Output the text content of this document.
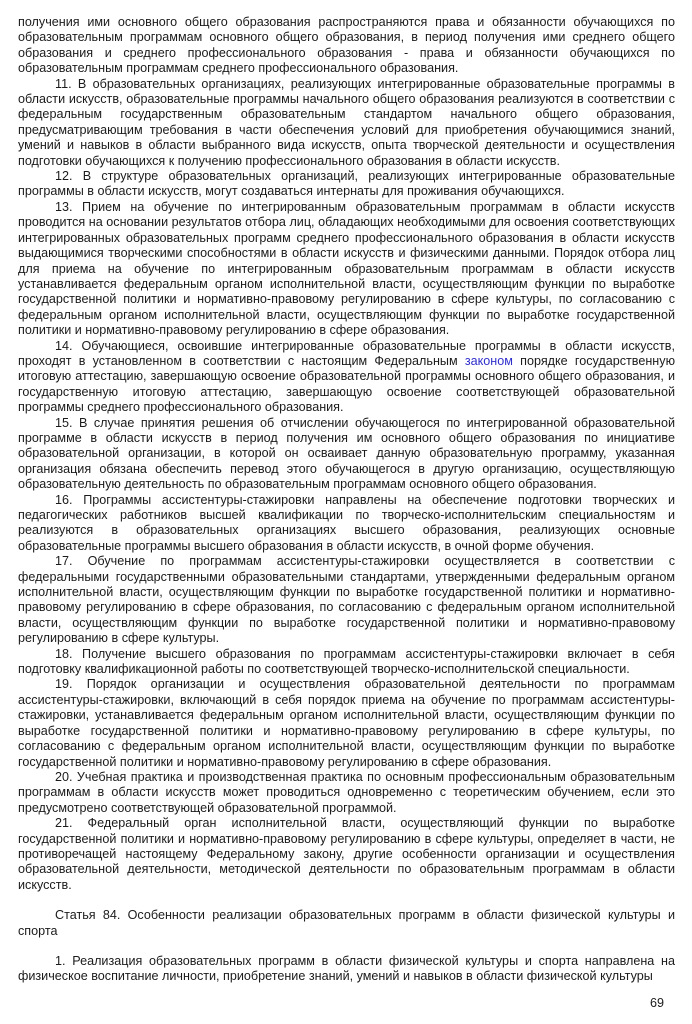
получения ими основного общего образования распространяются права и обязанности обучающихся по образовательным программам основного общего образования, в период получения ими среднего общего образования и среднего профессионального образования - права и обязанности обучающихся по образовательным программам среднего профессионального образования.

11. В образовательных организациях, реализующих интегрированные образовательные программы в области искусств, образовательные программы начального общего образования реализуются в соответствии с федеральным государственным образовательным стандартом начального общего образования, предусматривающим требования в части обеспечения условий для приобретения обучающимися знаний, умений и навыков в области выбранного вида искусств, опыта творческой деятельности и осуществления подготовки обучающихся к получению профессионального образования в области искусств.

12. В структуре образовательных организаций, реализующих интегрированные образовательные программы в области искусств, могут создаваться интернаты для проживания обучающихся.

13. Прием на обучение по интегрированным образовательным программам в области искусств проводится на основании результатов отбора лиц, обладающих необходимыми для освоения соответствующих интегрированных образовательных программ среднего профессионального образования в области искусств выдающимися творческими способностями в области искусств и физическими данными. Порядок отбора лиц для приема на обучение по интегрированным образовательным программам в области искусств устанавливается федеральным органом исполнительной власти, осуществляющим функции по выработке государственной политики и нормативно-правовому регулированию в сфере культуры, по согласованию с федеральным органом исполнительной власти, осуществляющим функции по выработке государственной политики и нормативно-правовому регулированию в сфере образования.

14. Обучающиеся, освоившие интегрированные образовательные программы в области искусств, проходят в установленном в соответствии с настоящим Федеральным законом порядке государственную итоговую аттестацию, завершающую освоение образовательной программы основного общего образования, и государственную итоговую аттестацию, завершающую освоение соответствующей образовательной программы среднего профессионального образования.

15. В случае принятия решения об отчислении обучающегося по интегрированной образовательной программе в области искусств в период получения им основного общего образования по инициативе образовательной организации, в которой он осваивает данную образовательную программу, указанная организация обязана обеспечить перевод этого обучающегося в другую организацию, осуществляющую образовательную деятельность по образовательным программам основного общего образования.

16. Программы ассистентуры-стажировки направлены на обеспечение подготовки творческих и педагогических работников высшей квалификации по творческо-исполнительским специальностям и реализуются в образовательных организациях высшего образования, реализующих основные образовательные программы высшего образования в области искусств, в очной форме обучения.

17. Обучение по программам ассистентуры-стажировки осуществляется в соответствии с федеральными государственными образовательными стандартами, утвержденными федеральным органом исполнительной власти, осуществляющим функции по выработке государственной политики и нормативно-правовому регулированию в сфере образования, по согласованию с федеральным органом исполнительной власти, осуществляющим функции по выработке государственной политики и нормативно-правовому регулированию в сфере культуры.

18. Получение высшего образования по программам ассистентуры-стажировки включает в себя подготовку квалификационной работы по соответствующей творческо-исполнительской специальности.

19. Порядок организации и осуществления образовательной деятельности по программам ассистентуры-стажировки, включающий в себя порядок приема на обучение по программам ассистентуры-стажировки, устанавливается федеральным органом исполнительной власти, осуществляющим функции по выработке государственной политики и нормативно-правовому регулированию в сфере культуры, по согласованию с федеральным органом исполнительной власти, осуществляющим функции по выработке государственной политики и нормативно-правовому регулированию в сфере образования.

20. Учебная практика и производственная практика по основным профессиональным образовательным программам в области искусств может проводиться одновременно с теоретическим обучением, если это предусмотрено соответствующей образовательной программой.

21. Федеральный орган исполнительной власти, осуществляющий функции по выработке государственной политики и нормативно-правовому регулированию в сфере культуры, определяет в части, не противоречащей настоящему Федеральному закону, другие особенности организации и осуществления образовательной деятельности, методической деятельности по образовательным программам в области искусств.

Статья 84. Особенности реализации образовательных программ в области физической культуры и спорта

1. Реализация образовательных программ в области физической культуры и спорта направлена на физическое воспитание личности, приобретение знаний, умений и навыков в области физической культуры

69
